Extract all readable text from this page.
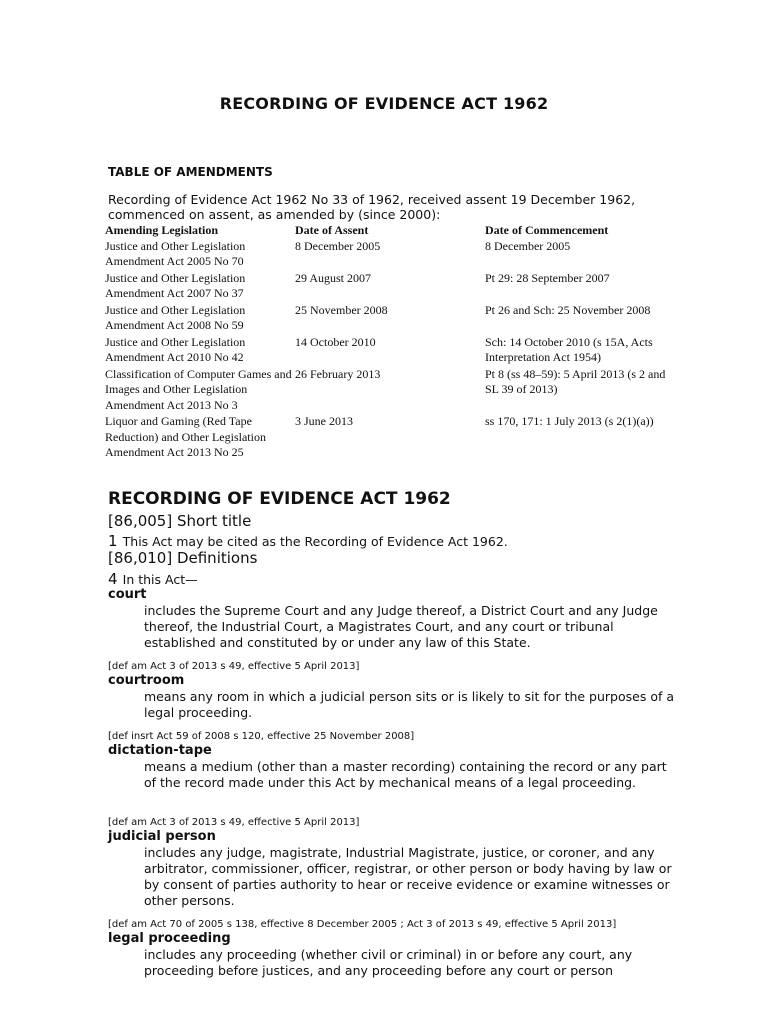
RECORDING OF EVIDENCE ACT 1962
TABLE OF AMENDMENTS
Recording of Evidence Act 1962 No 33 of 1962, received assent 19 December 1962, commenced on assent, as amended by (since 2000):
Amending Legislation	Date of Assent	Date of Commencement
Justice and Other Legislation Amendment Act 2005 No 70	8 December 2005	8 December 2005
Justice and Other Legislation Amendment Act 2007 No 37	29 August 2007	Pt 29: 28 September 2007
Justice and Other Legislation Amendment Act 2008 No 59	25 November 2008	Pt 26 and Sch: 25 November 2008
Justice and Other Legislation Amendment Act 2010 No 42	14 October 2010	Sch: 14 October 2010 (s 15A, Acts Interpretation Act 1954)
Classification of Computer Games and Images and Other Legislation Amendment Act 2013 No 3	26 February 2013	Pt 8 (ss 48–59): 5 April 2013 (s 2 and SL 39 of 2013)
Liquor and Gaming (Red Tape Reduction) and Other Legislation Amendment Act 2013 No 25	3 June 2013	ss 170, 171: 1 July 2013 (s 2(1)(a))
RECORDING OF EVIDENCE ACT 1962
[86,005] Short title
1 This Act may be cited as the Recording of Evidence Act 1962.
[86,010] Definitions
4 In this Act—
court
includes the Supreme Court and any Judge thereof, a District Court and any Judge thereof, the Industrial Court, a Magistrates Court, and any court or tribunal established and constituted by or under any law of this State.
[def am Act 3 of 2013 s 49, effective 5 April 2013]
courtroom
means any room in which a judicial person sits or is likely to sit for the purposes of a legal proceeding.
[def insrt Act 59 of 2008 s 120, effective 25 November 2008]
dictation-tape
means a medium (other than a master recording) containing the record or any part of the record made under this Act by mechanical means of a legal proceeding.
[def am Act 3 of 2013 s 49, effective 5 April 2013]
judicial person
includes any judge, magistrate, Industrial Magistrate, justice, or coroner, and any arbitrator, commissioner, officer, registrar, or other person or body having by law or by consent of parties authority to hear or receive evidence or examine witnesses or other persons.
[def am Act 70 of 2005 s 138, effective 8 December 2005 ; Act 3 of 2013 s 49, effective 5 April 2013]
legal proceeding
includes any proceeding (whether civil or criminal) in or before any court, any proceeding before justices, and any proceeding before any court or person
